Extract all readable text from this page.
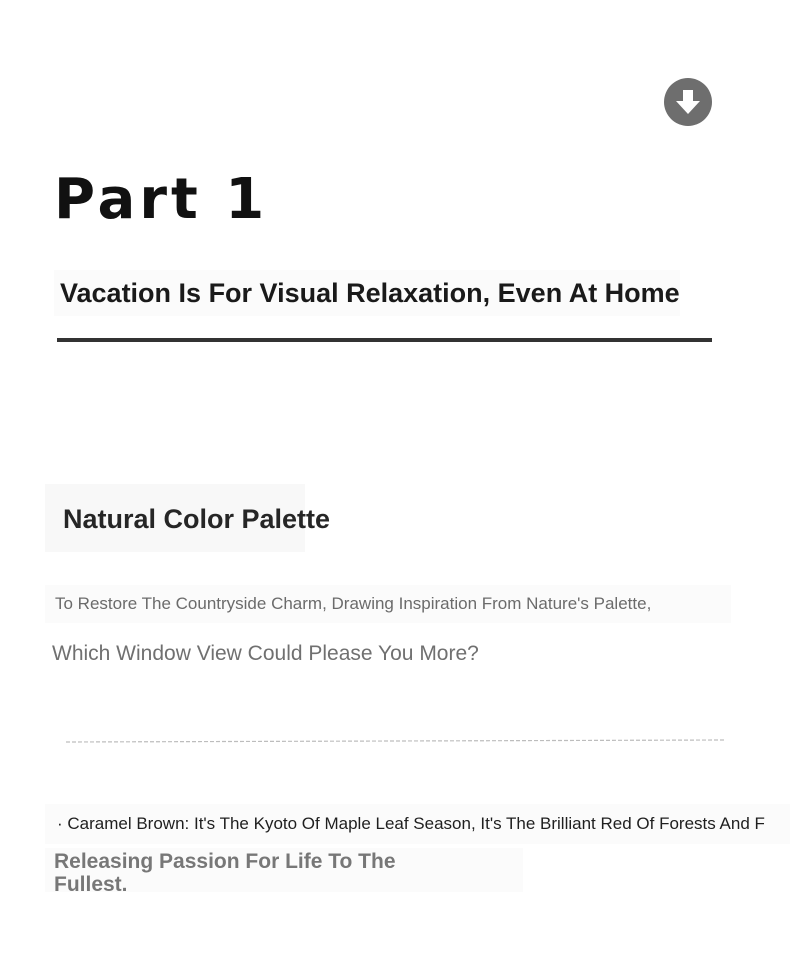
Part 1
Vacation Is For Visual Relaxation, Even At Home
Natural Color Palette

To Restore The Countryside Charm, Drawing Inspiration From Nature's Palette,

Which Window View Could Please You More?

· Caramel Brown: It's The Kyoto Of Maple Leaf Season, It's The Brilliant Red Of Forests And F

Releasing Passion For Life To The Fullest.
